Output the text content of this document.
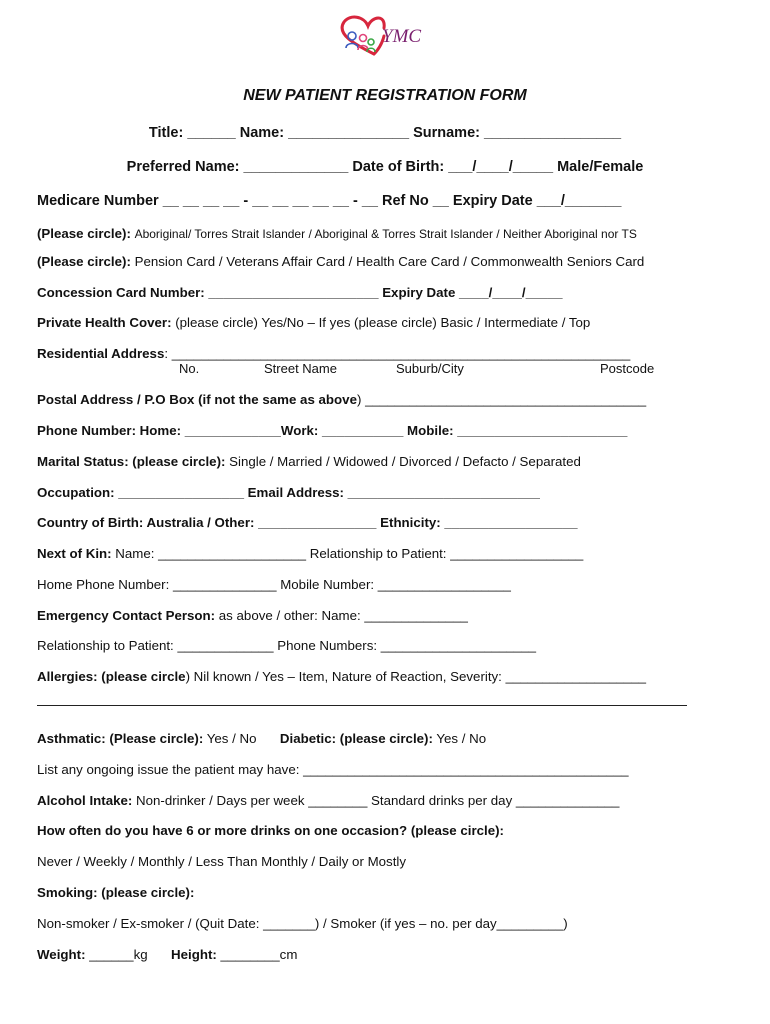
YMC
NEW PATIENT REGISTRATION FORM
Title: ______ Name: _______________ Surname: _________________
Preferred Name: _____________ Date of Birth: ___/____/_____ Male/Female
Medicare Number __ __ __ __ - __ __ __ __ __ - __ Ref No __ Expiry Date ___/_______
(Please circle): Aboriginal/ Torres Strait Islander / Aboriginal & Torres Strait Islander / Neither Aboriginal nor TS
(Please circle): Pension Card / Veterans Affair Card / Health Care Card / Commonwealth Seniors Card
Concession Card Number: _______________________ Expiry Date ____/____/_____
Private Health Cover: (please circle) Yes/No – If yes (please circle) Basic / Intermediate / Top
Residential Address: ______________________________________________________________
No.	Street Name	Suburb/City	Postcode
Postal Address / P.O Box (if not the same as above) ______________________________________
Phone Number: Home: _____________Work: ___________ Mobile: _______________________
Marital Status: (please circle): Single / Married / Widowed / Divorced / Defacto / Separated
Occupation: _________________ Email Address: __________________________
Country of Birth: Australia / Other: ________________ Ethnicity: __________________
Next of Kin: Name: ____________________ Relationship to Patient: __________________
Home Phone Number: ______________ Mobile Number: __________________
Emergency Contact Person: as above / other: Name: ______________
Relationship to Patient: _____________ Phone Numbers: _____________________
Allergies: (please circle) Nil known / Yes – Item, Nature of Reaction, Severity: ___________________
Asthmatic: (Please circle): Yes / No Diabetic: (please circle): Yes / No
List any ongoing issue the patient may have: ____________________________________________
Alcohol Intake: Non-drinker / Days per week ________ Standard drinks per day ______________
How often do you have 6 or more drinks on one occasion? (please circle):
Never / Weekly / Monthly / Less Than Monthly / Daily or Mostly
Smoking: (please circle):
Non-smoker / Ex-smoker / (Quit Date: _______) / Smoker (if yes – no. per day_________)
Weight: ______kg Height: ________cm
